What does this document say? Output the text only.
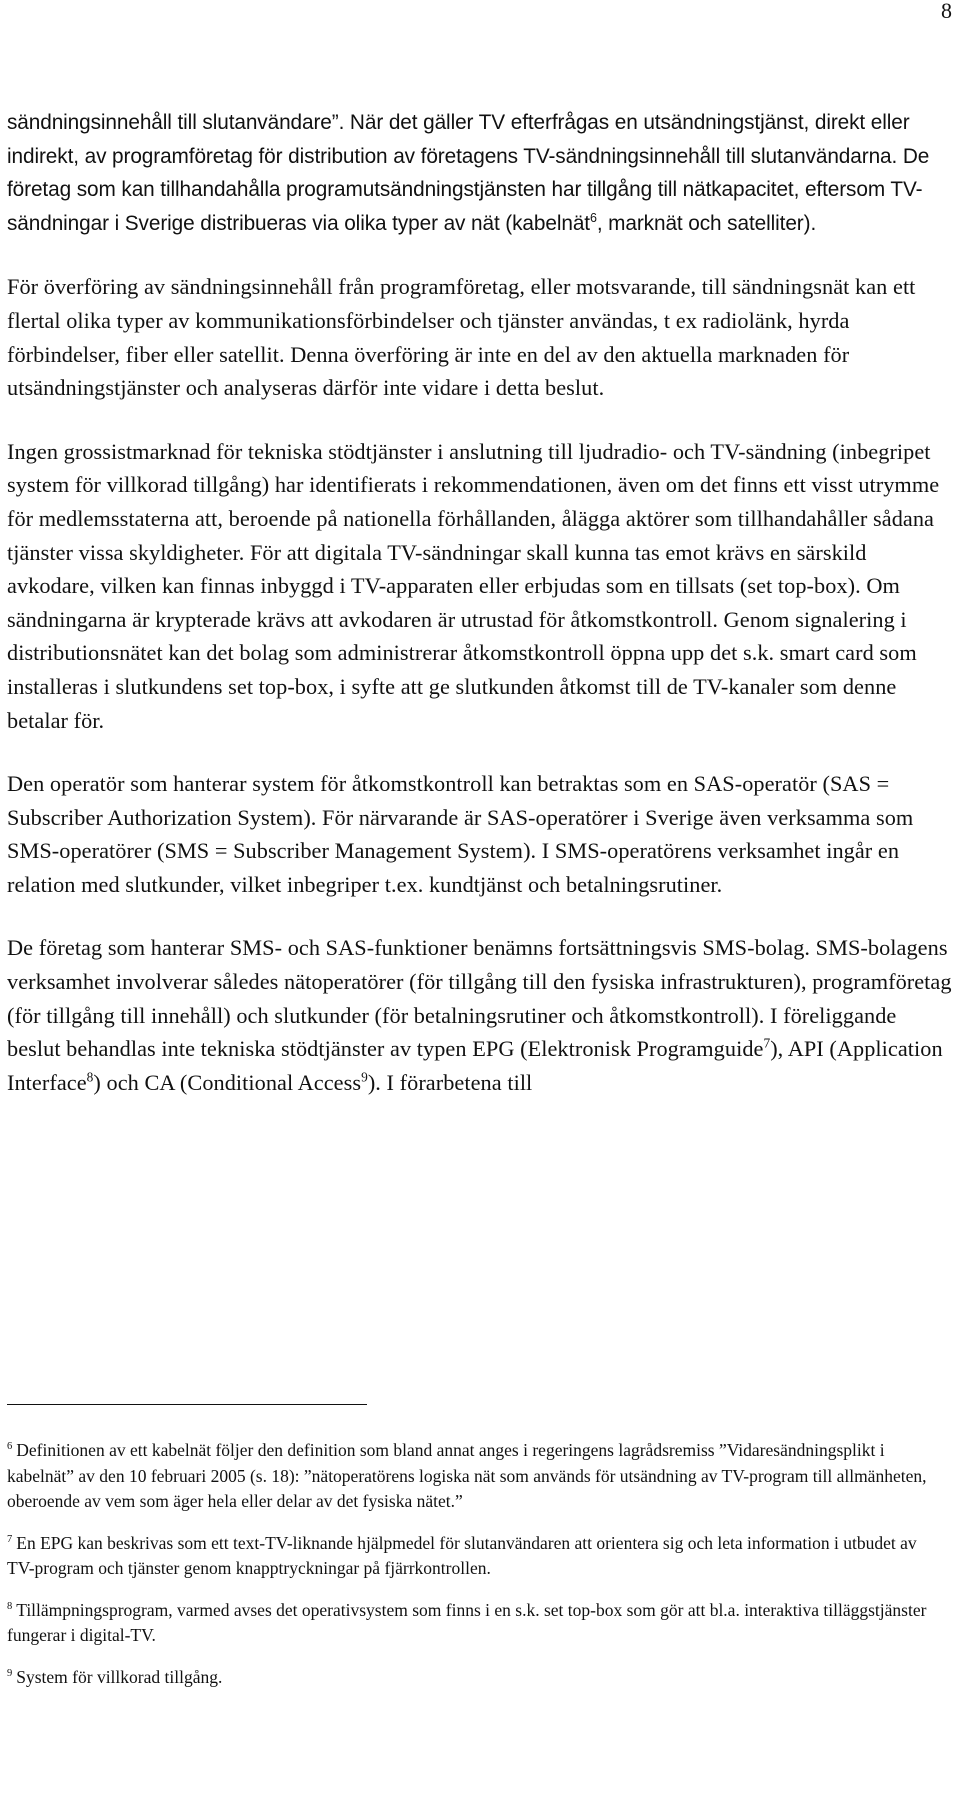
8

sändningsinnehåll till slutanvändare”. När det gäller TV efterfrågas en utsändningstjänst, direkt eller indirekt, av programföretag för distribution av företagens TV-sändningsinnehåll till slutanvändarna. De företag som kan tillhandahålla programutsändningstjänsten har tillgång till nätkapacitet, eftersom TV-sändningar i Sverige distribueras via olika typer av nät (kabelnät$^6$, marknät och satelliter).

För överföring av sändningsinnehåll från programföretag, eller motsvarande, till sändningsnät kan ett flertal olika typer av kommunikationsförbindelser och tjänster användas, t ex radiolänk, hyrda förbindelser, fiber eller satellit. Denna överföring är inte en del av den aktuella marknaden för utsändningstjänster och analyseras därför inte vidare i detta beslut.

Ingen grossistmarknad för tekniska stödtjänster i anslutning till ljudradio- och TV-sändning (inbegripet system för villkorad tillgång) har identifierats i rekommendationen, även om det finns ett visst utrymme för medlemsstaterna att, beroende på nationella förhållanden, ålägga aktörer som tillhandahåller sådana tjänster vissa skyldigheter. För att digitala TV-sändningar skall kunna tas emot krävs en särskild avkodare, vilken kan finnas inbyggd i TV-apparaten eller erbjudas som en tillsats (set top-box). Om sändningarna är krypterade krävs att avkodaren är utrustad för åtkomstkontroll. Genom signalering i distributionsnätet kan det bolag som administrerar åtkomstkontroll öppna upp det s.k. smart card som installeras i slutkundens set top-box, i syfte att ge slutkunden åtkomst till de TV-kanaler som denne betalar för.

Den operatör som hanterar system för åtkomstkontroll kan betraktas som en SAS-operatör (SAS = Subscriber Authorization System). För närvarande är SAS-operatörer i Sverige även verksamma som SMS-operatörer (SMS = Subscriber Management System). I SMS-operatörens verksamhet ingår en relation med slutkunder, vilket inbegriper t.ex. kundtjänst och betalningsrutiner.

De företag som hanterar SMS- och SAS-funktioner benämns fortsättningsvis SMS-bolag. SMS-bolagens verksamhet involverar således nätoperatörer (för tillgång till den fysiska infrastrukturen), programföretag (för tillgång till innehåll) och slutkunder (för betalningsrutiner och åtkomstkontroll). I föreliggande beslut behandlas inte tekniska stödtjänster av typen EPG (Elektronisk Programguide$^7$), API (Application Interface$^8$) och CA (Conditional Access$^9$). I förarbetena till

$^6$ Definitionen av ett kabelnät följer den definition som bland annat anges i regeringens lagrådsremiss ”Vidaresändningsplikt i kabelnät” av den 10 februari 2005 (s. 18): ”nätoperatörens logiska nät som används för utsändning av TV-program till allmänheten, oberoende av vem som äger hela eller delar av det fysiska nätet.”

$^7$ En EPG kan beskrivas som ett text-TV-liknande hjälpmedel för slutanvändaren att orientera sig och leta information i utbudet av TV-program och tjänster genom knapptryckningar på fjärrkontrollen.

$^8$ Tillämpningsprogram, varmed avses det operativsystem som finns i en s.k. set top-box som gör att bl.a. interaktiva tilläggstjänster fungerar i digital-TV.

$^9$ System för villkorad tillgång.
